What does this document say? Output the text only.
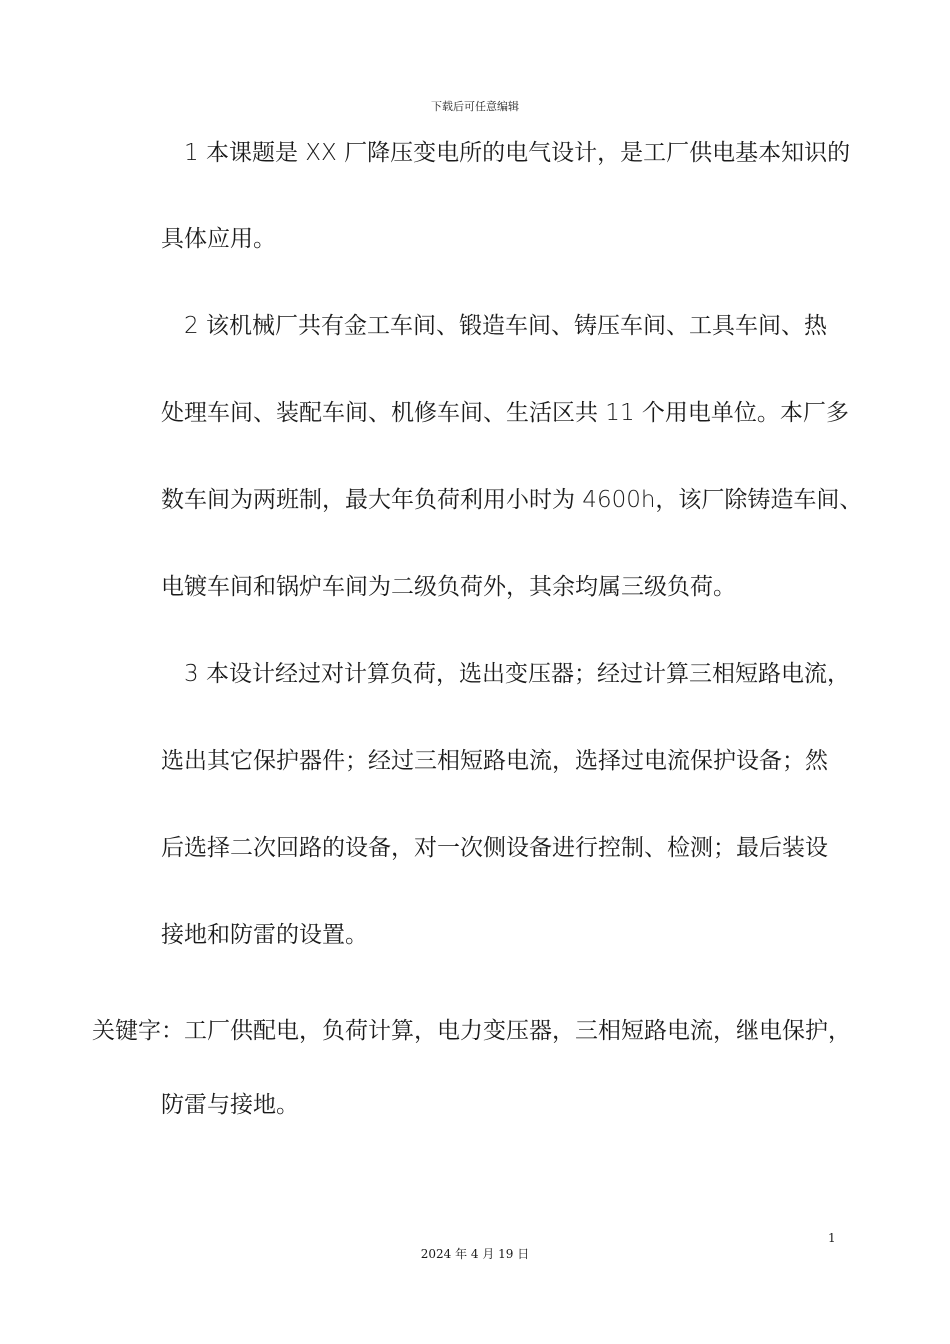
下载后可任意编辑
1 本课题是 XX 厂降压变电所的电气设计，是工厂供电基本知识的
具体应用。
2 该机械厂共有金工车间、锻造车间、铸压车间、工具车间、热
处理车间、装配车间、机修车间、生活区共 11 个用电单位。本厂多
数车间为两班制，最大年负荷利用小时为 4600h，该厂除铸造车间、
电镀车间和锅炉车间为二级负荷外，其余均属三级负荷。
3 本设计经过对计算负荷，选出变压器；经过计算三相短路电流，
选出其它保护器件；经过三相短路电流，选择过电流保护设备；然
后选择二次回路的设备，对一次侧设备进行控制、检测；最后装设
接地和防雷的设置。
关键字：工厂供配电，负荷计算，电力变压器，三相短路电流，继电保护，
防雷与接地。
1
2024 年 4 月 19 日
